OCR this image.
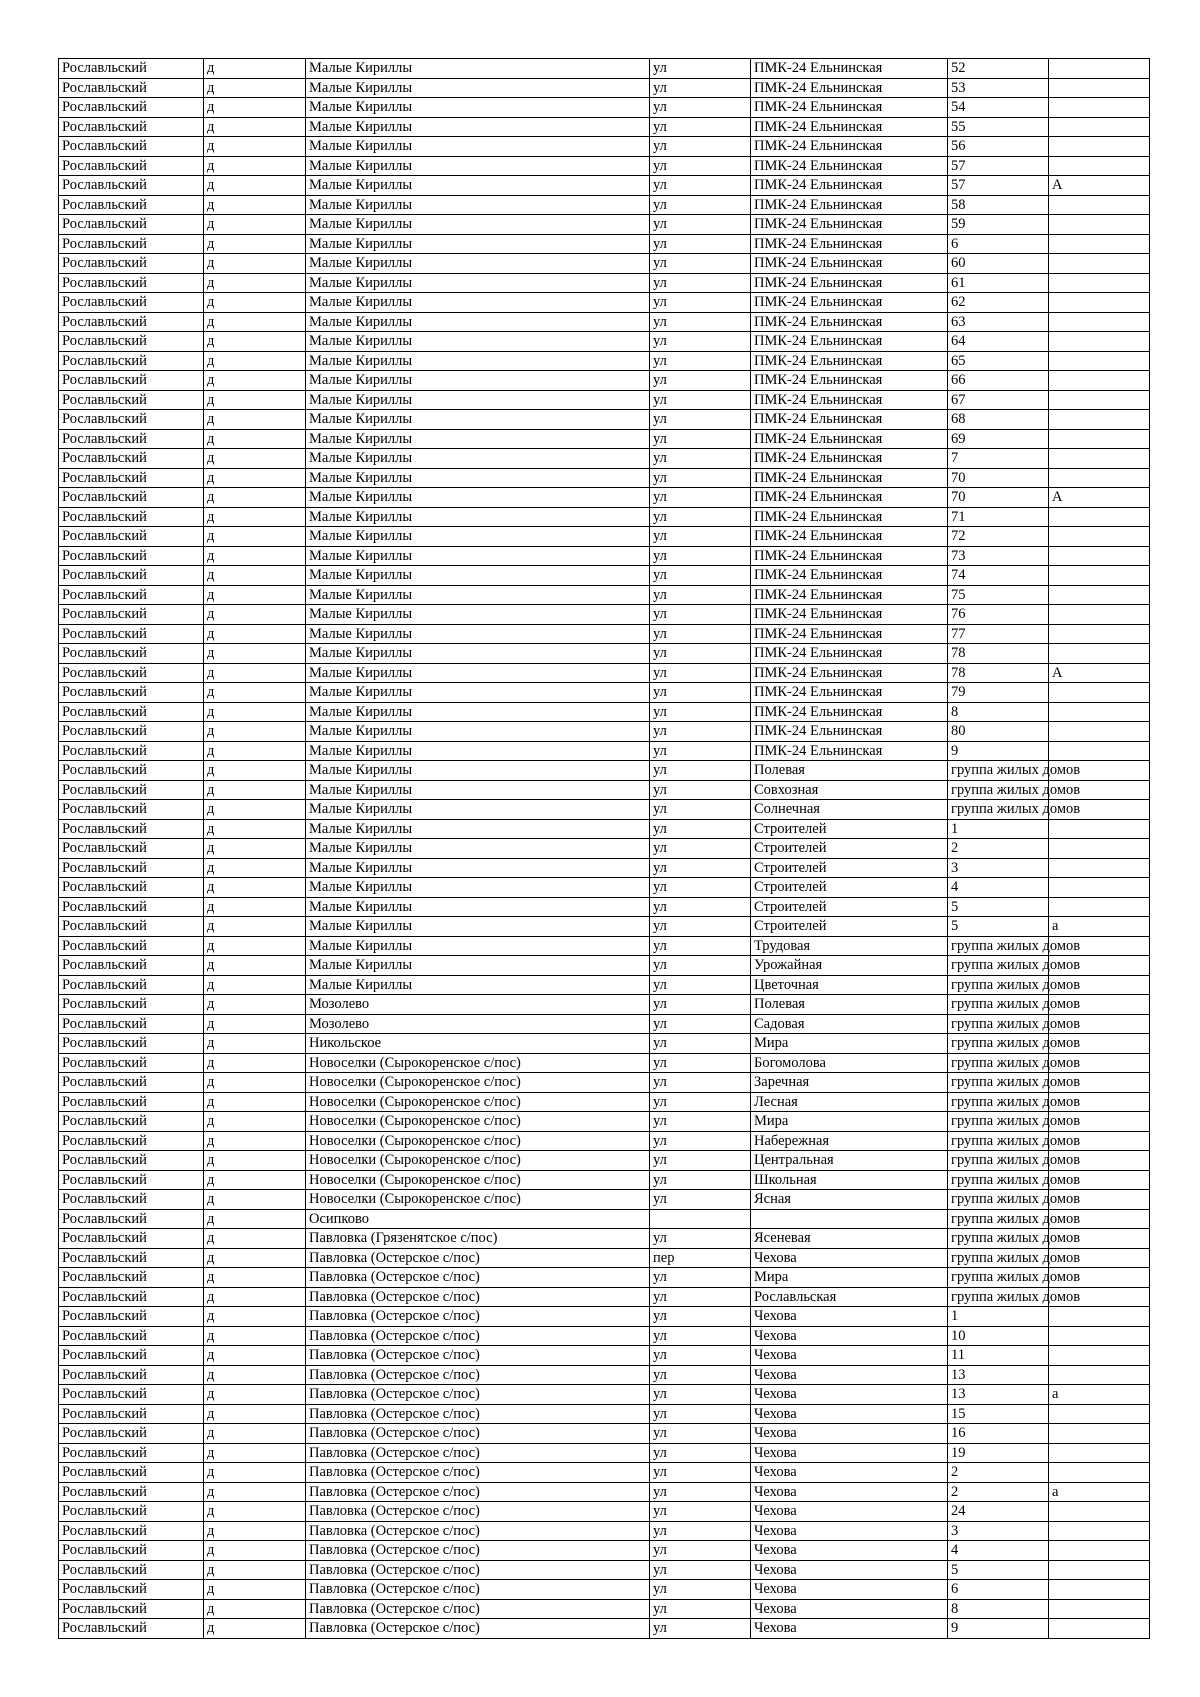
Рославльский	д	Малые Кириллы	ул	ПМК-24 Ельнинская	52	
Рославльский	д	Малые Кириллы	ул	ПМК-24 Ельнинская	53	
Рославльский	д	Малые Кириллы	ул	ПМК-24 Ельнинская	54	
Рославльский	д	Малые Кириллы	ул	ПМК-24 Ельнинская	55	
Рославльский	д	Малые Кириллы	ул	ПМК-24 Ельнинская	56	
Рославльский	д	Малые Кириллы	ул	ПМК-24 Ельнинская	57	
Рославльский	д	Малые Кириллы	ул	ПМК-24 Ельнинская	57	А
Рославльский	д	Малые Кириллы	ул	ПМК-24 Ельнинская	58	
Рославльский	д	Малые Кириллы	ул	ПМК-24 Ельнинская	59	
Рославльский	д	Малые Кириллы	ул	ПМК-24 Ельнинская	6	
Рославльский	д	Малые Кириллы	ул	ПМК-24 Ельнинская	60	
Рославльский	д	Малые Кириллы	ул	ПМК-24 Ельнинская	61	
Рославльский	д	Малые Кириллы	ул	ПМК-24 Ельнинская	62	
Рославльский	д	Малые Кириллы	ул	ПМК-24 Ельнинская	63	
Рославльский	д	Малые Кириллы	ул	ПМК-24 Ельнинская	64	
Рославльский	д	Малые Кириллы	ул	ПМК-24 Ельнинская	65	
Рославльский	д	Малые Кириллы	ул	ПМК-24 Ельнинская	66	
Рославльский	д	Малые Кириллы	ул	ПМК-24 Ельнинская	67	
Рославльский	д	Малые Кириллы	ул	ПМК-24 Ельнинская	68	
Рославльский	д	Малые Кириллы	ул	ПМК-24 Ельнинская	69	
Рославльский	д	Малые Кириллы	ул	ПМК-24 Ельнинская	7	
Рославльский	д	Малые Кириллы	ул	ПМК-24 Ельнинская	70	
Рославльский	д	Малые Кириллы	ул	ПМК-24 Ельнинская	70	А
Рославльский	д	Малые Кириллы	ул	ПМК-24 Ельнинская	71	
Рославльский	д	Малые Кириллы	ул	ПМК-24 Ельнинская	72	
Рославльский	д	Малые Кириллы	ул	ПМК-24 Ельнинская	73	
Рославльский	д	Малые Кириллы	ул	ПМК-24 Ельнинская	74	
Рославльский	д	Малые Кириллы	ул	ПМК-24 Ельнинская	75	
Рославльский	д	Малые Кириллы	ул	ПМК-24 Ельнинская	76	
Рославльский	д	Малые Кириллы	ул	ПМК-24 Ельнинская	77	
Рославльский	д	Малые Кириллы	ул	ПМК-24 Ельнинская	78	
Рославльский	д	Малые Кириллы	ул	ПМК-24 Ельнинская	78	А
Рославльский	д	Малые Кириллы	ул	ПМК-24 Ельнинская	79	
Рославльский	д	Малые Кириллы	ул	ПМК-24 Ельнинская	8	
Рославльский	д	Малые Кириллы	ул	ПМК-24 Ельнинская	80	
Рославльский	д	Малые Кириллы	ул	ПМК-24 Ельнинская	9	
Рославльский	д	Малые Кириллы	ул	Полевая	группа жилых домов	
Рославльский	д	Малые Кириллы	ул	Совхозная	группа жилых домов	
Рославльский	д	Малые Кириллы	ул	Солнечная	группа жилых домов	
Рославльский	д	Малые Кириллы	ул	Строителей	1	
Рославльский	д	Малые Кириллы	ул	Строителей	2	
Рославльский	д	Малые Кириллы	ул	Строителей	3	
Рославльский	д	Малые Кириллы	ул	Строителей	4	
Рославльский	д	Малые Кириллы	ул	Строителей	5	
Рославльский	д	Малые Кириллы	ул	Строителей	5	а
Рославльский	д	Малые Кириллы	ул	Трудовая	группа жилых домов	
Рославльский	д	Малые Кириллы	ул	Урожайная	группа жилых домов	
Рославльский	д	Малые Кириллы	ул	Цветочная	группа жилых домов	
Рославльский	д	Мозолево	ул	Полевая	группа жилых домов	
Рославльский	д	Мозолево	ул	Садовая	группа жилых домов	
Рославльский	д	Никольское	ул	Мира	группа жилых домов	
Рославльский	д	Новоселки (Сырокоренское с/пос)	ул	Богомолова	группа жилых домов	
Рославльский	д	Новоселки (Сырокоренское с/пос)	ул	Заречная	группа жилых домов	
Рославльский	д	Новоселки (Сырокоренское с/пос)	ул	Лесная	группа жилых домов	
Рославльский	д	Новоселки (Сырокоренское с/пос)	ул	Мира	группа жилых домов	
Рославльский	д	Новоселки (Сырокоренское с/пос)	ул	Набережная	группа жилых домов	
Рославльский	д	Новоселки (Сырокоренское с/пос)	ул	Центральная	группа жилых домов	
Рославльский	д	Новоселки (Сырокоренское с/пос)	ул	Школьная	группа жилых домов	
Рославльский	д	Новоселки (Сырокоренское с/пос)	ул	Ясная	группа жилых домов	
Рославльский	д	Осипково			группа жилых домов	
Рославльский	д	Павловка (Грязенятское с/пос)	ул	Ясеневая	группа жилых домов	
Рославльский	д	Павловка (Остерское с/пос)	пер	Чехова	группа жилых домов	
Рославльский	д	Павловка (Остерское с/пос)	ул	Мира	группа жилых домов	
Рославльский	д	Павловка (Остерское с/пос)	ул	Рославльская	группа жилых домов	
Рославльский	д	Павловка (Остерское с/пос)	ул	Чехова	1	
Рославльский	д	Павловка (Остерское с/пос)	ул	Чехова	10	
Рославльский	д	Павловка (Остерское с/пос)	ул	Чехова	11	
Рославльский	д	Павловка (Остерское с/пос)	ул	Чехова	13	
Рославльский	д	Павловка (Остерское с/пос)	ул	Чехова	13	а
Рославльский	д	Павловка (Остерское с/пос)	ул	Чехова	15	
Рославльский	д	Павловка (Остерское с/пос)	ул	Чехова	16	
Рославльский	д	Павловка (Остерское с/пос)	ул	Чехова	19	
Рославльский	д	Павловка (Остерское с/пос)	ул	Чехова	2	
Рославльский	д	Павловка (Остерское с/пос)	ул	Чехова	2	а
Рославльский	д	Павловка (Остерское с/пос)	ул	Чехова	24	
Рославльский	д	Павловка (Остерское с/пос)	ул	Чехова	3	
Рославльский	д	Павловка (Остерское с/пос)	ул	Чехова	4	
Рославльский	д	Павловка (Остерское с/пос)	ул	Чехова	5	
Рославльский	д	Павловка (Остерское с/пос)	ул	Чехова	6	
Рославльский	д	Павловка (Остерское с/пос)	ул	Чехова	8	
Рославльский	д	Павловка (Остерское с/пос)	ул	Чехова	9	
